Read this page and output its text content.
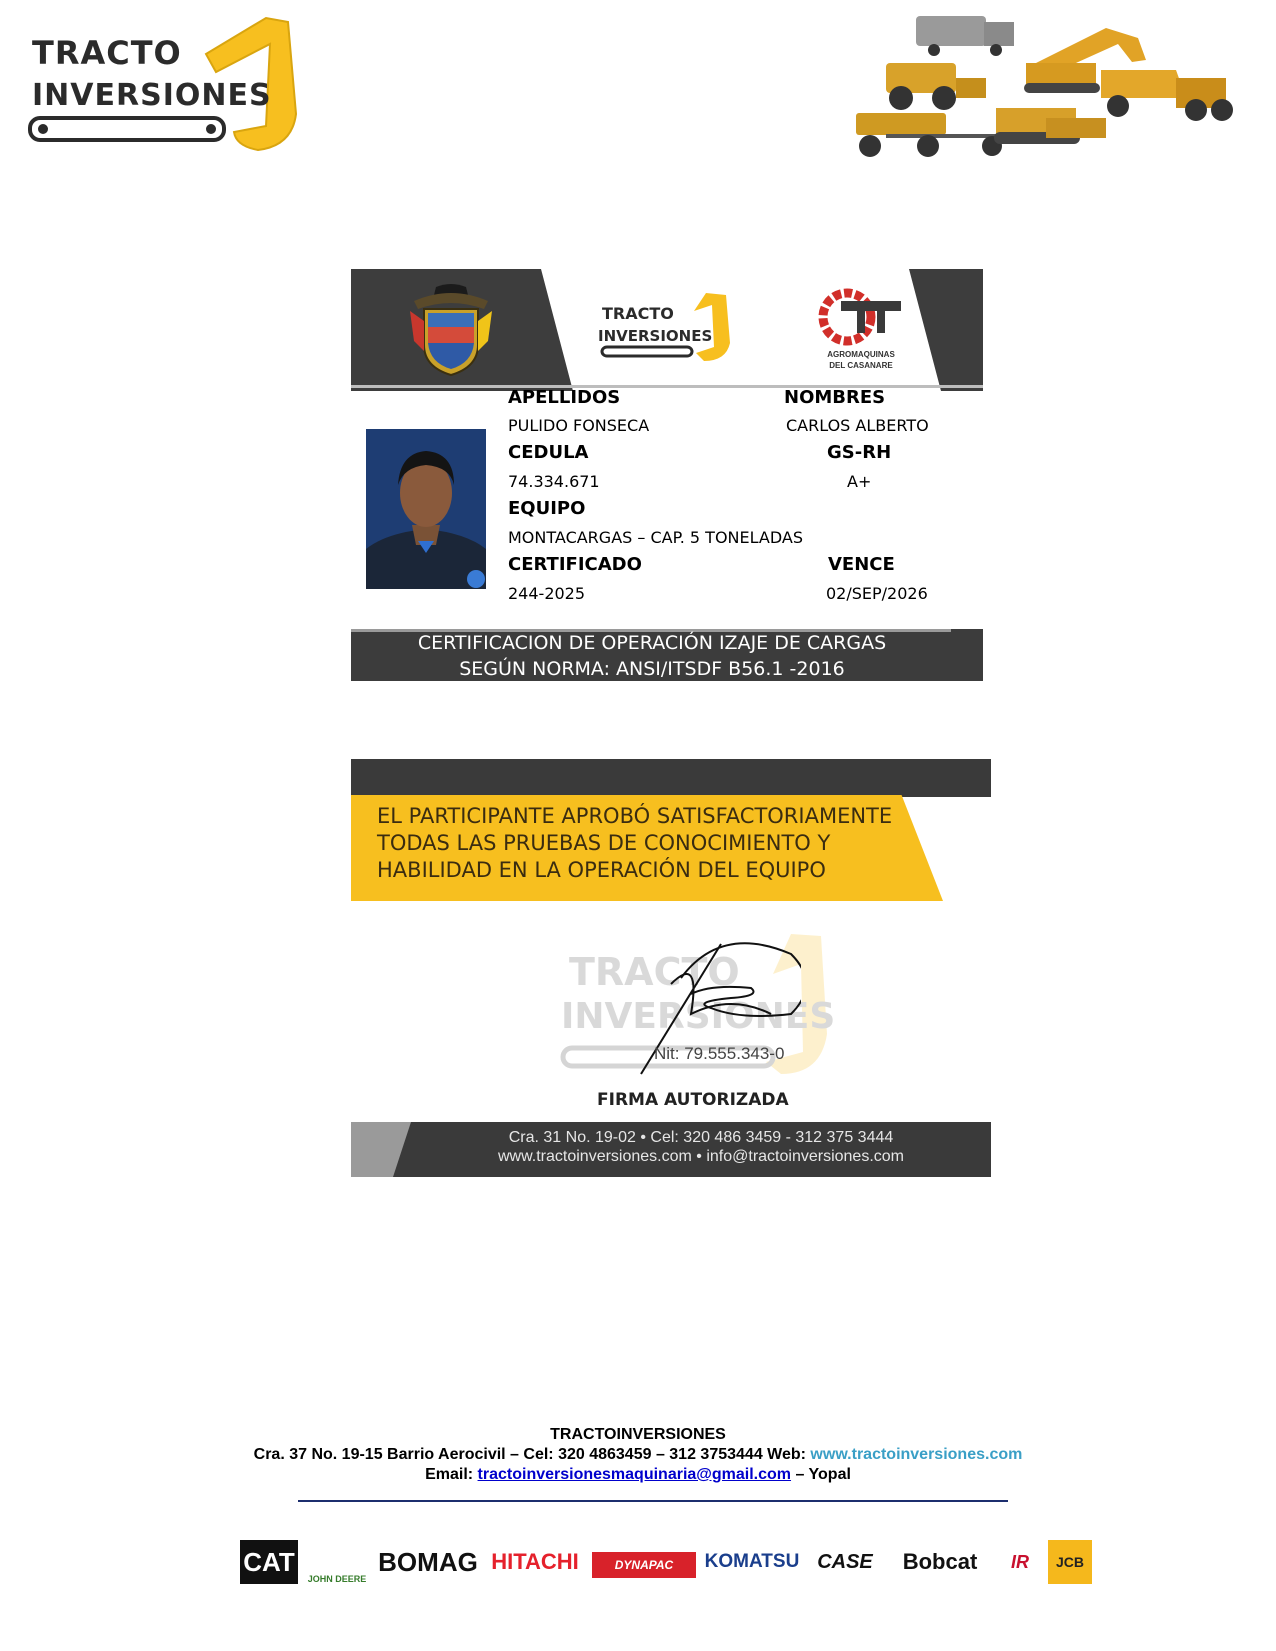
TRACTO
INVERSIONES
TRACTO
INVERSIONES
AGROMAQUINAS
DEL CASANARE
APELLIDOS
PULIDO FONSECA
NOMBRES
CARLOS ALBERTO
CEDULA
74.334.671
GS-RH
A+
EQUIPO
MONTACARGAS – CAP. 5 TONELADAS
CERTIFICADO
244-2025
VENCE
02/SEP/2026
CERTIFICACION DE OPERACIÓN IZAJE DE CARGAS
SEGÚN NORMA: ANSI/ITSDF B56.1 -2016
EL PARTICIPANTE APROBÓ SATISFACTORIAMENTE
TODAS LAS PRUEBAS DE CONOCIMIENTO Y
HABILIDAD EN LA OPERACIÓN DEL EQUIPO
TRACTO
INVERSIONES
Nit: 79.555.343-0
FIRMA AUTORIZADA
Cra. 31 No. 19-02 • Cel: 320 486 3459 - 312 375 3444
www.tractoinversiones.com • info@tractoinversiones.com
TRACTOINVERSIONES
Cra. 37 No. 19-15 Barrio Aerocivil – Cel: 320 4863459 – 312 3753444 Web: www.tractoinversiones.com
Email: tractoinversionesmaquinaria@gmail.com – Yopal
CAT
JOHN DEERE
BOMAG HITACHI	DYNAPAC	KOMATSU CASE	Bobcat	IR	JCB
